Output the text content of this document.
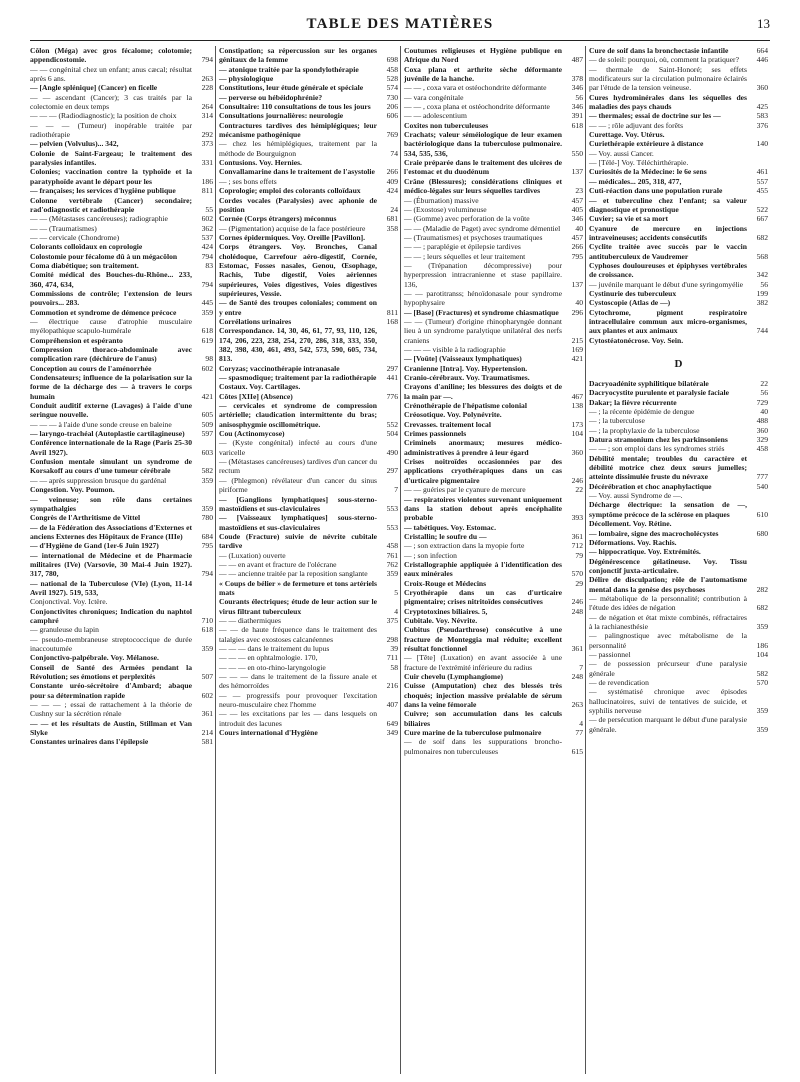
TABLE DES MATIÈRES	13
Côlon (Méga) avec gros fécalome; colotomie; appendicostomie.	794
— — congénital chez un enfant; anus cæcal; résultat après 6 ans.	263
— [Angle splénique] (Cancer) en ficelle	228
— — ascendant (Cancer); 3 cas traités par la colectomie en deux temps	264
— — — (Radiodiagnostic); la position de choix	314
— — — (Tumeur) inopérable traitée par radiothérapie	292
— pelvien (Volvulus)... 342,	373
Colonie de Saint-Fargeau; le traitement des paralysies infantiles.	331
Colonies; vaccination contre la typhoïde et la paratyphoïde avant le départ pour les	186
— françaises; les services d'hygiène publique	811
Colonne vertébrale (Cancer) secondaire; rad'odiagnostic et radiothérapie	55
— — (Métastases cancéreuses); radiographie	602
— — (Traumatismes)	362
— — cervicale (Chondrome)	537
Colorants colloïdaux en coprologie	424
Colostomie pour fécalome dû à un mégacôlon	794
Coma diabétique; son traitement.	83
Comité médical des Bouches-du-Rhône... 233, 360, 474, 634,	794
Commissions de contrôle; l'extension de leurs pouvoirs... 283.	445
Commotion et syndrome de démence précoce	359
— électrique cause d'atrophie musculaire myélopathique scapulo-humérale	618
Compréhension et espéranto	619
Compression thoraco-abdominale avec complication rare (déchirure de l'anus)	98
Conception au cours de l'aménorrhée	602
Condensateurs; influence de la polarisation sur la forme de la décharge des — à travers le corps humain	421
Conduit auditif externe (Lavages) à l'aide d'une seringue nouvelle.	605
— — — à l'aide d'une sonde creuse en baleine	509
— laryngo-trachéal (Autoplastie cartilagineuse)	597
Conférence internationale de la Rage (Paris 25-30 Avril 1927).	603
Confusion mentale simulant un syndrome de Korsakoff au cours d'une tumeur cérébrale	582
— — après suppression brusque du gardénal	359
Congestion. Voy. Poumon.
— veineuse; son rôle dans certaines sympathalgies	359
Congrès de l'Arthritisme de Vittel	780
— de la Fédération des Associations d'Externes et anciens Externes des Hôpitaux de France (IIIe)	684
— d'Hygiène de Gand (1er-6 Juin 1927)	795
— international de Médecine et de Pharmacie militaires (IVe) (Varsovie, 30 Mai-4 Juin 1927). 317, 780,	794
— national de la Tuberculose (VIe) (Lyon, 11-14 Avril 1927). 519, 533,
Conjonctival. Voy. Ictère.
Conjonctivites chroniques; Indication du naphtol camphré	710
— granuleuse du lapin	618
— pseudo-membraneuse streptococcique de durée inaccoutumée	359
Conjonctivo-palpébrale. Voy. Mélanose.
Conseil de Santé des Armées pendant la Révolution; ses émotions et perplexités	507
Constante uréo-sécrétoire d'Ambard; abaque pour sa détermination rapide	602
— — — ; essai de rattachement à la théorie de Cushny sur la sécrétion rénale	361
— — et les résultats de Austin, Stillman et Van Slyke	214
Constantes urinaires dans l'épilepsie	581
Constipation; sa répercussion sur les organes génitaux de la femme	698
— atonique traitée par la spondylothérapie	458
— physiologique	528
Constitutions, leur étude générale et spéciale	574
— perverse ou hébéidophrénie?	730
Consultaire: 110 consultations de tous les jours	206
Consultations journalières: neurologie	606
Contractures tardives des hémiplégiques; leur mécanisme pathogénique	769
— chez les hémiplégiques, traitement par la méthode de Bourguignon	74
Contusions. Voy. Hernies.
Convallamarine dans le traitement de l'asystolie	266
— ; ses bons effets	409
Coprologie; emploi des colorants colloïdaux	424
Cordes vocales (Paralysies) avec aphonie de position	24
Cornée (Corps étrangers) méconnus	681
— (Pigmentation) acquise de la face postérieure	358
Cornes épidermiques. Voy. Oreille [Pavillon].
Corps étrangers. Voy. Bronches, Canal cholédoque, Carrefour aéro-digestif, Cornée, Estomac, Fosses nasales, Genou, Œsophage, Rachis, Tube digestif, Voies aériennes supérieures, Voies digestives, Voies digestives supérieures, Vessie.
— de Santé des troupes coloniales; comment on y entre	811
Corrélations urinaires	168
Correspondance. 14, 30, 46, 61, 77, 93, 110, 126, 174, 206, 223, 238, 254, 270, 286, 318, 333, 350, 382, 398, 430, 461, 493, 542, 573, 590, 605, 734, 813.
Coryzas; vaccinothérapie intranasale	297
— spasmodique; traitement par la radiothérapie	441
Costaux. Voy. Cartilages.
Côtes [XIIe] (Absence)	776
— cervicales et syndrome de compression artérielle; claudication intermittente du bras; anisosphygmie oscillométrique.	552
Cou (Actinomycose)	504
— (Kyste congénital) infecté au cours d'une varicelle	490
— (Métastases cancéreuses) tardives d'un cancer du rectum	297
— (Phlegmon) révélateur d'un cancer du sinus piriforme	7
— [Ganglions lymphatiques] sous-sterno-mastoïdiens et sus-claviculaires	553
— [Vaisseaux lymphatiques] sous-sterno-mastoïdiens et sus-claviculaires	553
Coude (Fracture) suivie de névrite cubitale tardive	458
— (Luxation) ouverte	761
— — en avant et fracture de l'olécrane	762
— — ancienne traitée par la reposition sanglante	359
« Coups de bélier » de fermeture et tons artériels mats	5
Courants électriques; étude de leur action sur le virus filtrant tuberculeux	4
— — diathermiques	375
— — de haute fréquence dans le traitement des talalgies avec exostoses calcanéennes	298
— — — dans le traitement du lupus	39
— — — en ophtalmologie. 170,	711
— — — en oto-rhino-laryngologie	58
— — — dans le traitement de la fissure anale et des hémorroïdes	216
— — progressifs pour provoquer l'excitation neuro-musculaire chez l'homme	407
— — les excitations par les — dans lesquels on introduit des lacunes	649
Cours international d'Hygiène	349
Coutumes religieuses et Hygiène publique en Afrique du Nord	487
Coxa plana et arthrite sèche déformante juvénile de la hanche.	378
— — , coxa vara et ostéochondrite déformante	346
— vara congénitale	56
— — , coxa plana et ostéochondrite déformante	346
— — adolescentium	391
Coxites non tuberculeuses	618
Crachats; valeur séméiologique de leur examen bactériologique dans la tuberculose pulmonaire. 534, 535, 536,	550
Craie préparée dans le traitement des ulcères de l'estomac et du duodénum	137
Crâne (Blessures); considérations cliniques et médico-légales sur leurs séquelles tardives	23
— (Éburnation) massive	457
— (Exostose) volumineuse	405
— (Gomme) avec perforation de la voûte	346
— — (Maladie de Paget) avec syndrome démentiel	40
— (Traumatismes) et psychoses traumatiques	457
— — ; paraplégie et épilepsie tardives	266
— — ; leurs séquelles et leur traitement	795
— (Trépanation décompressive) pour hyperpression intracranienne et stase papillaire. 136,	137
— — parotitranss; hénoïdonasale pour syndrome hypophysaire	40
— [Base] (Fractures) et syndrome chiasmatique	296
— — (Tumeur) d'origine rhinopharyngée donnant lieu à un syndrome paralytique unilatéral des nerfs craniens	215
— — — visible à la radiographie	169
— [Voûte] (Vaisseaux lymphatiques)	421
Cranienne [Intra]. Voy. Hypertension.
Cranio-cérébraux. Voy. Traumatismes.
Crayons d'aniline; les blessures des doigts et de la main par —.	467
Crénothérapie de l'hépatisme colonial	138
Créosotique. Voy. Polynévrite.
Crevasses. traitement local	173
Crimes passionnels	104
Criminels anormaux; mesures médico-administratives à prendre à leur égard	360
Crises noitroïdes occasionnées par des applications cryothérapiques dans un cas d'urticaire pigmentaire	246
— — guéries par le cyanure de mercure	22
— respiratoires violentes survenant uniquement dans la station debout après encéphalite probable	393
— tabétiques. Voy. Estomac.
Cristallin; le soufre du —	361
— ; son extraction dans la myopie forte	712
— ; son infection	79
Cristallographie appliquée à l'identification des eaux minérales	570
Croix-Rouge et Médecins	29
Cryothérapie dans un cas d'urticaire pigmentaire; crises nitritoïdes consécutives	246
Cryptotoxines biliaires. 5,	248
Cubitale. Voy. Névrite.
Cubitus (Pseudarthrose) consécutive à une fracture de Monteggia mal réduite; excellent résultat fonctionnel	361
— [Tête] (Luxation) en avant associée à une fracture de l'extrémité inférieure du radius	7
Cuir chevelu (Lymphangiome)	248
Cuisse (Amputation) chez des blessés très choqués; injection massive préalable de sérum dans la veine fémorale	263
Cuivre; son accumulation dans les calculs biliaires	4
Cure marine de la tuberculose pulmonaire	77
— de soif dans les suppurations broncho-pulmonaires non tuberculeuses	615
Cure de soif dans la bronchectasie infantile	664
— de soleil: pourquoi, où, comment la pratiquer?	446
— thermale de Saint-Honoré; ses effets modificateurs sur la circulation pulmonaire éclairés par l'étude de la tension veineuse.	360
Cures hydrominérales dans les séquelles des maladies des pays chauds	425
— thermales; essai de doctrine sur les —	583
— — ; rôle adjuvant des forêts	376
Curettage. Voy. Utérus.
Curiethérapie extérieure à distance	140
— Voy. aussi Cancer.
— [Télé-] Voy. Téléchirthérapie.
Curiosités de la Médecine: le 6e sens	461
— médicales... 205, 318, 477,	557
Cuti-réaction dans une population rurale	455
— et tuberculine chez l'enfant; sa valeur diagnostique et pronostique	522
Cuvier; sa vie et sa mort	667
Cyanure de mercure en injections intraveineuses; accidents consécutifs	682
Cyclite traitée avec succès par le vaccin antituberculeux de Vaudremer	568
Cyphoses douloureuses et épiphyses vertébrales de croissance.	342
— juvénile marquant le début d'une syringomyélie	56
Cystinurie des tuberculeux	199
Cystoscopie (Atlas de —)	382
Cytochrome, pigment respiratoire intracellulaire commun aux micro-organismes, aux plantes et aux animaux	744
Cytostéatonécrose. Voy. Sein.
D
Dacryoadénite syphilitique bilatérale	22
Dacryocystite purulente et paralysie faciale	56
Dakar; la fièvre récurrente	729
— ; la récente épidémie de dengue	40
— ; la tuberculose	488
— ; la prophylaxie de la tuberculose	360
Datura stramonium chez les parkinsoniens	329
— — ; son emploi dans les syndromes striés	458
Débilité mentale; troubles du caractère et débilité motrice chez deux sœurs jumelles; atteinte dissimulée fruste du névraxe	777
Décérébration et choc anaphylactique	540
— Voy. aussi Syndrome de —.
Décharge électrique: la sensation de —, symptôme précoce de la sclérose en plaques	610
Décollement. Voy. Rétine.
— lombaire, signe des macrocholécystes	680
Déformations. Voy. Rachis.
— hippocratique. Voy. Extrémités.
Dégénérescence gélatineuse. Voy. Tissu conjonctif juxta-articulaire.
Délire de disculpation; rôle de l'automatisme mental dans la genèse des psychoses	282
— métabolique de la personnalité; contribution à l'étude des idées de négation	682
— de négation et état mixte combinés, réfractaires à la rachianesthésie	359
— palingnostique avec métabolisme de la personnalité	186
— passionnel	104
— de possession précurseur d'une paralysie générale	582
— de revendication	570
— systématisé chronique avec épisodes hallucinatoires, suivi de tentatives de suicide, et syphilis nerveuse	359
— de persécution marquant le début d'une paralysie générale.	359
